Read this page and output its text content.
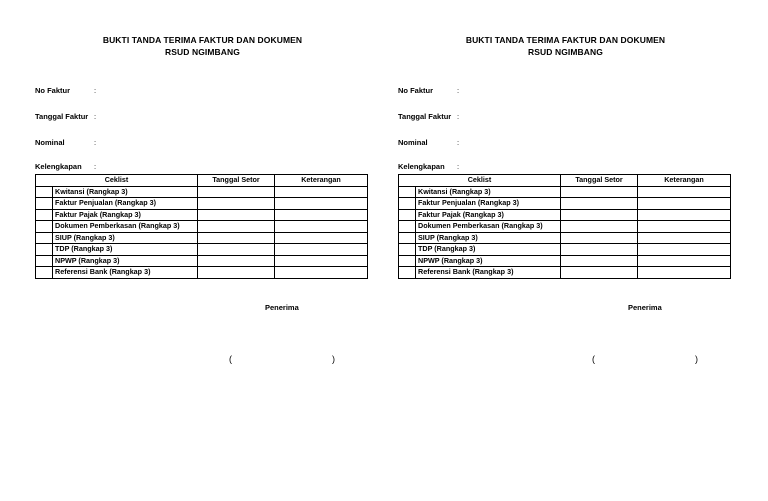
BUKTI TANDA TERIMA FAKTUR DAN DOKUMEN
RSUD NGIMBANG
No Faktur	:
Tanggal Faktur :
Nominal	:
Kelengkapan :
Ceklist		Tanggal Setor	Keterangan
	Kwitansi (Rangkap 3)		
	Faktur Penjualan (Rangkap 3)		
	Faktur Pajak (Rangkap 3)		
	Dokumen Pemberkasan (Rangkap 3)		
	SIUP (Rangkap 3)		
	TDP (Rangkap 3)		
	NPWP (Rangkap 3)		
	Referensi Bank (Rangkap 3)		
Penerima
(	)
BUKTI TANDA TERIMA FAKTUR DAN DOKUMEN
RSUD NGIMBANG
No Faktur	:
Tanggal Faktur :
Nominal	:
Kelengkapan :
Ceklist		Tanggal Setor	Keterangan
	Kwitansi (Rangkap 3)		
	Faktur Penjualan (Rangkap 3)		
	Faktur Pajak (Rangkap 3)		
	Dokumen Pemberkasan (Rangkap 3)		
	SIUP (Rangkap 3)		
	TDP (Rangkap 3)		
	NPWP (Rangkap 3)		
	Referensi Bank (Rangkap 3)		
Penerima
(	)
